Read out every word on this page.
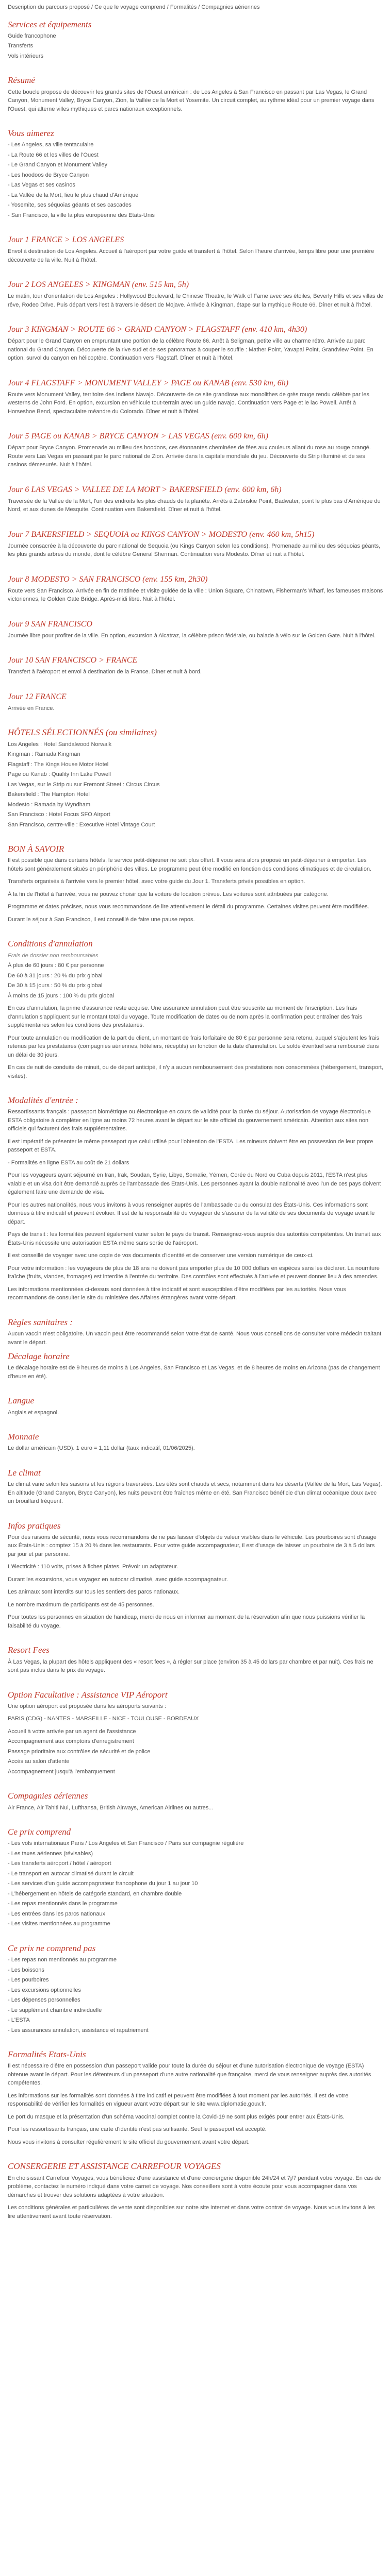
Description du parcours proposé / Ce que le voyage comprend / Formalités / Compagnies aériennes

Services et équipements
Guide francophone
Transferts
Vols intérieurs
Résumé

Cette boucle propose de découvrir les grands sites de l'Ouest américain : de Los Angeles à San Francisco en passant par Las Vegas, le Grand Canyon, Monument Valley, Bryce Canyon, Zion, la Vallée de la Mort et Yosemite. Un circuit complet, au rythme idéal pour un premier voyage dans l'Ouest, qui alterne villes mythiques et parcs nationaux exceptionnels.

Vous aimerez
- Les Angeles, sa ville tentaculaire
- La Route 66 et les villes de l'Ouest
- Le Grand Canyon et Monument Valley
- Les hoodoos de Bryce Canyon
- Las Vegas et ses casinos
- La Vallée de la Mort, lieu le plus chaud d'Amérique
- Yosemite, ses séquoias géants et ses cascades
- San Francisco, la ville la plus européenne des Etats-Unis
Jour 1 FRANCE > LOS ANGELES

Envol à destination de Los Angeles. Accueil à l'aéroport par votre guide et transfert à l'hôtel. Selon l'heure d'arrivée, temps libre pour une première découverte de la ville. Nuit à l'hôtel.

Jour 2 LOS ANGELES > KINGMAN (env. 515 km, 5h)

Le matin, tour d'orientation de Los Angeles : Hollywood Boulevard, le Chinese Theatre, le Walk of Fame avec ses étoiles, Beverly Hills et ses villas de rêve, Rodeo Drive. Puis départ vers l'est à travers le désert de Mojave. Arrivée à Kingman, étape sur la mythique Route 66. Dîner et nuit à l'hôtel.

Jour 3 KINGMAN > ROUTE 66 > GRAND CANYON > FLAGSTAFF (env. 410 km, 4h30)

Départ pour le Grand Canyon en empruntant une portion de la célèbre Route 66. Arrêt à Seligman, petite ville au charme rétro. Arrivée au parc national du Grand Canyon. Découverte de la rive sud et de ses panoramas à couper le souffle : Mather Point, Yavapai Point, Grandview Point. En option, survol du canyon en hélicoptère. Continuation vers Flagstaff. Dîner et nuit à l'hôtel.

Jour 4 FLAGSTAFF > MONUMENT VALLEY > PAGE ou KANAB (env. 530 km, 6h)

Route vers Monument Valley, territoire des Indiens Navajo. Découverte de ce site grandiose aux monolithes de grès rouge rendu célèbre par les westerns de John Ford. En option, excursion en véhicule tout-terrain avec un guide navajo. Continuation vers Page et le lac Powell. Arrêt à Horseshoe Bend, spectaculaire méandre du Colorado. Dîner et nuit à l'hôtel.

Jour 5 PAGE ou KANAB > BRYCE CANYON > LAS VEGAS (env. 600 km, 6h)

Départ pour Bryce Canyon. Promenade au milieu des hoodoos, ces étonnantes cheminées de fées aux couleurs allant du rose au rouge orangé. Route vers Las Vegas en passant par le parc national de Zion. Arrivée dans la capitale mondiale du jeu. Découverte du Strip illuminé et de ses casinos démesurés. Nuit à l'hôtel.

Jour 6 LAS VEGAS > VALLEE DE LA MORT > BAKERSFIELD (env. 600 km, 6h)

Traversée de la Vallée de la Mort, l'un des endroits les plus chauds de la planète. Arrêts à Zabriskie Point, Badwater, point le plus bas d'Amérique du Nord, et aux dunes de Mesquite. Continuation vers Bakersfield. Dîner et nuit à l'hôtel.

Jour 7 BAKERSFIELD > SEQUOIA ou KINGS CANYON > MODESTO (env. 460 km, 5h15)

Journée consacrée à la découverte du parc national de Sequoia (ou Kings Canyon selon les conditions). Promenade au milieu des séquoias géants, les plus grands arbres du monde, dont le célèbre General Sherman. Continuation vers Modesto. Dîner et nuit à l'hôtel.

Jour 8 MODESTO > SAN FRANCISCO (env. 155 km, 2h30)

Route vers San Francisco. Arrivée en fin de matinée et visite guidée de la ville : Union Square, Chinatown, Fisherman's Wharf, les fameuses maisons victoriennes, le Golden Gate Bridge. Après-midi libre. Nuit à l'hôtel.

Jour 9 SAN FRANCISCO

Journée libre pour profiter de la ville. En option, excursion à Alcatraz, la célèbre prison fédérale, ou balade à vélo sur le Golden Gate. Nuit à l'hôtel.

Jour 10 SAN FRANCISCO > FRANCE

Transfert à l'aéroport et envol à destination de la France. Dîner et nuit à bord.

Jour 12 FRANCE

Arrivée en France.

HÔTELS SÉLECTIONNÉS (ou similaires)
Los Angeles : Hotel Sandalwood Norwalk
Kingman : Ramada Kingman
Flagstaff : The Kings House Motor Hotel
Page ou Kanab : Quality Inn Lake Powell
Las Vegas, sur le Strip ou sur Fremont Street : Circus Circus
Bakersfield : The Hampton Hotel
Modesto : Ramada by Wyndham
San Francisco : Hotel Focus SFO Airport
San Francisco, centre-ville : Executive Hotel Vintage Court
BON À SAVOIR

Il est possible que dans certains hôtels, le service petit-déjeuner ne soit plus offert. Il vous sera alors proposé un petit-déjeuner à emporter. Les hôtels sont généralement situés en périphérie des villes. Le programme peut être modifié en fonction des conditions climatiques et de circulation.

Transferts organisés à l'arrivée vers le premier hôtel, avec votre guide du Jour 1. Transferts privés possibles en option.

À la fin de l'hôtel à l'arrivée, vous ne pouvez choisir que la voiture de location prévue. Les voitures sont attribuées par catégorie.

Programme et dates précises, nous vous recommandons de lire attentivement le détail du programme. Certaines visites peuvent être modifiées.

Durant le séjour à San Francisco, il est conseillé de faire une pause repos.

Conditions d'annulation

Frais de dossier non remboursables

À plus de 60 jours : 80 € par personne
De 60 à 31 jours : 20 % du prix global
De 30 à 15 jours : 50 % du prix global
À moins de 15 jours : 100 % du prix global

En cas d'annulation, la prime d'assurance reste acquise. Une assurance annulation peut être souscrite au moment de l'inscription. Les frais d'annulation s'appliquent sur le montant total du voyage. Toute modification de dates ou de nom après la confirmation peut entraîner des frais supplémentaires selon les conditions des prestataires.

Pour toute annulation ou modification de la part du client, un montant de frais forfaitaire de 80 € par personne sera retenu, auquel s'ajoutent les frais retenus par les prestataires (compagnies aériennes, hôteliers, réceptifs) en fonction de la date d'annulation. Le solde éventuel sera remboursé dans un délai de 30 jours.

En cas de nuit de conduite de minuit, ou de départ anticipé, il n'y a aucun remboursement des prestations non consommées (hébergement, transport, visites).

Modalités d'entrée :

Ressortissants français : passeport biométrique ou électronique en cours de validité pour la durée du séjour. Autorisation de voyage électronique ESTA obligatoire à compléter en ligne au moins 72 heures avant le départ sur le site officiel du gouvernement américain. Attention aux sites non officiels qui facturent des frais supplémentaires.

Il est impératif de présenter le même passeport que celui utilisé pour l'obtention de l'ESTA. Les mineurs doivent être en possession de leur propre passeport et ESTA.

- Formalités en ligne ESTA au coût de 21 dollars

Pour les voyageurs ayant séjourné en Iran, Irak, Soudan, Syrie, Libye, Somalie, Yémen, Corée du Nord ou Cuba depuis 2011, l'ESTA n'est plus valable et un visa doit être demandé auprès de l'ambassade des Etats-Unis. Les personnes ayant la double nationalité avec l'un de ces pays doivent également faire une demande de visa.

Pour les autres nationalités, nous vous invitons à vous renseigner auprès de l'ambassade ou du consulat des États-Unis. Ces informations sont données à titre indicatif et peuvent évoluer. Il est de la responsabilité du voyageur de s'assurer de la validité de ses documents de voyage avant le départ.

Pays de transit : les formalités peuvent également varier selon le pays de transit. Renseignez-vous auprès des autorités compétentes. Un transit aux États-Unis nécessite une autorisation ESTA même sans sortie de l'aéroport.

Il est conseillé de voyager avec une copie de vos documents d'identité et de conserver une version numérique de ceux-ci.

Pour votre information : les voyageurs de plus de 18 ans ne doivent pas emporter plus de 10 000 dollars en espèces sans les déclarer. La nourriture fraîche (fruits, viandes, fromages) est interdite à l'entrée du territoire. Des contrôles sont effectués à l'arrivée et peuvent donner lieu à des amendes.

Les informations mentionnées ci-dessus sont données à titre indicatif et sont susceptibles d'être modifiées par les autorités. Nous vous recommandons de consulter le site du ministère des Affaires étrangères avant votre départ.

Règles sanitaires :

Aucun vaccin n'est obligatoire. Un vaccin peut être recommandé selon votre état de santé. Nous vous conseillons de consulter votre médecin traitant avant le départ.

Décalage horaire

Le décalage horaire est de 9 heures de moins à Los Angeles, San Francisco et Las Vegas, et de 8 heures de moins en Arizona (pas de changement d'heure en été).

Langue

Anglais et espagnol.

Monnaie

Le dollar américain (USD). 1 euro = 1,11 dollar (taux indicatif, 01/06/2025).

Le climat

Le climat varie selon les saisons et les régions traversées. Les étés sont chauds et secs, notamment dans les déserts (Vallée de la Mort, Las Vegas). En altitude (Grand Canyon, Bryce Canyon), les nuits peuvent être fraîches même en été. San Francisco bénéficie d'un climat océanique doux avec un brouillard fréquent.

Infos pratiques

Pour des raisons de sécurité, nous vous recommandons de ne pas laisser d'objets de valeur visibles dans le véhicule. Les pourboires sont d'usage aux États-Unis : comptez 15 à 20 % dans les restaurants. Pour votre guide accompagnateur, il est d'usage de laisser un pourboire de 3 à 5 dollars par jour et par personne.

L'électricité : 110 volts, prises à fiches plates. Prévoir un adaptateur.

Durant les excursions, vous voyagez en autocar climatisé, avec guide accompagnateur.

Les animaux sont interdits sur tous les sentiers des parcs nationaux.

Le nombre maximum de participants est de 45 personnes.

Pour toutes les personnes en situation de handicap, merci de nous en informer au moment de la réservation afin que nous puissions vérifier la faisabilité du voyage.

Resort Fees

À Las Vegas, la plupart des hôtels appliquent des « resort fees », à régler sur place (environ 35 à 45 dollars par chambre et par nuit). Ces frais ne sont pas inclus dans le prix du voyage.

Option Facultative : Assistance VIP Aéroport

Une option aéroport est proposée dans les aéroports suivants :

PARIS (CDG) - NANTES - MARSEILLE - NICE - TOULOUSE - BORDEAUX

Accueil à votre arrivée par un agent de l'assistance
Accompagnement aux comptoirs d'enregistrement
Passage prioritaire aux contrôles de sécurité et de police
Accès au salon d'attente
Accompagnement jusqu'à l'embarquement
Compagnies aériennes

Air France, Air Tahiti Nui, Lufthansa, British Airways, American Airlines ou autres...

Ce prix comprend
- Les vols internationaux Paris / Los Angeles et San Francisco / Paris sur compagnie régulière
- Les taxes aériennes (révisables)
- Les transferts aéroport / hôtel / aéroport
- Le transport en autocar climatisé durant le circuit
- Les services d'un guide accompagnateur francophone du jour 1 au jour 10
- L'hébergement en hôtels de catégorie standard, en chambre double
- Les repas mentionnés dans le programme
- Les entrées dans les parcs nationaux
- Les visites mentionnées au programme
Ce prix ne comprend pas
- Les repas non mentionnés au programme
- Les boissons
- Les pourboires
- Les excursions optionnelles
- Les dépenses personnelles
- Le supplément chambre individuelle
- L'ESTA
- Les assurances annulation, assistance et rapatriement
Formalités Etats-Unis

Il est nécessaire d'être en possession d'un passeport valide pour toute la durée du séjour et d'une autorisation électronique de voyage (ESTA) obtenue avant le départ. Pour les détenteurs d'un passeport d'une autre nationalité que française, merci de vous renseigner auprès des autorités compétentes.

Les informations sur les formalités sont données à titre indicatif et peuvent être modifiées à tout moment par les autorités. Il est de votre responsabilité de vérifier les formalités en vigueur avant votre départ sur le site www.diplomatie.gouv.fr.

Le port du masque et la présentation d'un schéma vaccinal complet contre la Covid-19 ne sont plus exigés pour entrer aux États-Unis.

Pour les ressortissants français, une carte d'identité n'est pas suffisante. Seul le passeport est accepté.

Nous vous invitons à consulter régulièrement le site officiel du gouvernement avant votre départ.

CONSERGERIE ET ASSISTANCE CARREFOUR VOYAGES

En choisissant Carrefour Voyages, vous bénéficiez d'une assistance et d'une conciergerie disponible 24h/24 et 7j/7 pendant votre voyage. En cas de problème, contactez le numéro indiqué dans votre carnet de voyage. Nos conseillers sont à votre écoute pour vous accompagner dans vos démarches et trouver des solutions adaptées à votre situation.

Les conditions générales et particulières de vente sont disponibles sur notre site internet et dans votre contrat de voyage. Nous vous invitons à les lire attentivement avant toute réservation.
